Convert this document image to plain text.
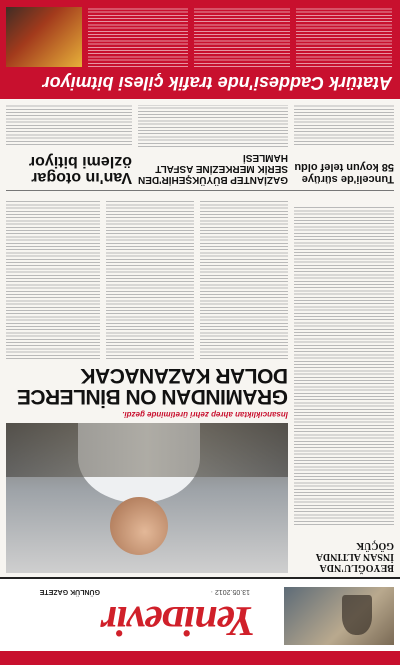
Yeniᴅevir
13.05.2012 ·
GÜNLÜK GAZETE
BEYOĞLU'NDA İNSAN ALTINDA GÖÇÜK
İnsancıklıktan ahrep zehri üretiminde gezdi.
GRAMINDAN ON BİNLERCE DOLAR KAZANACAK
Tunceli'de sürüye 58 koyun telef oldu
GAZİANTEP BÜYÜKŞEHİR'DEN SERİK MERKEZİNE ASFALT HAMLESİ
Van'ın otogar özlemi bitiyor
Atatürk Caddesi'nde trafik çilesi bitmiyor
